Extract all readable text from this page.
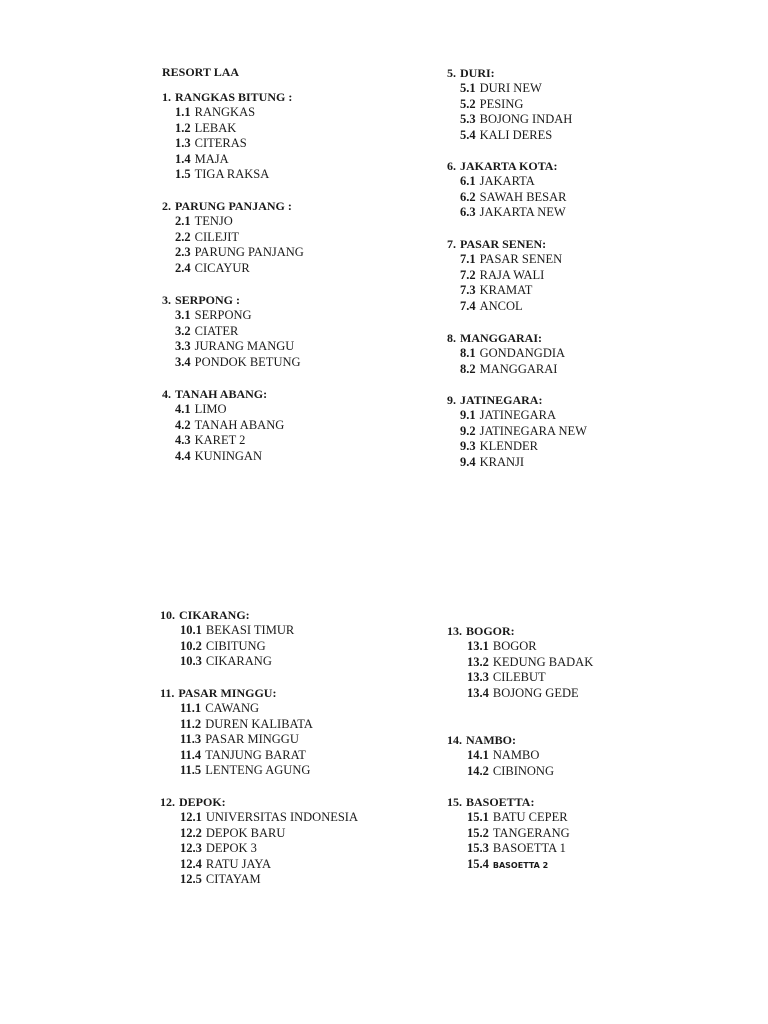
RESORT LAA
1. RANGKAS BITUNG :
1.1 RANGKAS
1.2 LEBAK
1.3 CITERAS
1.4 MAJA
1.5 TIGA RAKSA
2. PARUNG PANJANG :
2.1 TENJO
2.2 CILEJIT
2.3 PARUNG PANJANG
2.4 CICAYUR
3. SERPONG :
3.1 SERPONG
3.2 CIATER
3.3 JURANG MANGU
3.4 PONDOK BETUNG
4. TANAH ABANG:
4.1 LIMO
4.2 TANAH ABANG
4.3 KARET 2
4.4 KUNINGAN
5. DURI:
5.1 DURI NEW
5.2 PESING
5.3 BOJONG INDAH
5.4 KALI DERES
6. JAKARTA KOTA:
6.1 JAKARTA
6.2 SAWAH BESAR
6.3 JAKARTA NEW
7. PASAR SENEN:
7.1 PASAR SENEN
7.2 RAJA WALI
7.3 KRAMAT
7.4 ANCOL
8. MANGGARAI:
8.1 GONDANGDIA
8.2 MANGGARAI
9. JATINEGARA:
9.1 JATINEGARA
9.2 JATINEGARA NEW
9.3 KLENDER
9.4 KRANJI
10. CIKARANG:
10.1 BEKASI TIMUR
10.2 CIBITUNG
10.3 CIKARANG
11. PASAR MINGGU:
11.1 CAWANG
11.2 DUREN KALIBATA
11.3 PASAR MINGGU
11.4 TANJUNG BARAT
11.5 LENTENG AGUNG
12. DEPOK:
12.1 UNIVERSITAS INDONESIA
12.2 DEPOK BARU
12.3 DEPOK 3
12.4 RATU JAYA
12.5 CITAYAM
13. BOGOR:
13.1 BOGOR
13.2 KEDUNG BADAK
13.3 CILEBUT
13.4 BOJONG GEDE
14. NAMBO:
14.1 NAMBO
14.2 CIBINONG
15. BASOETTA:
15.1 BATU CEPER
15.2 TANGERANG
15.3 BASOETTA 1
15.4 BASOETTA 2
